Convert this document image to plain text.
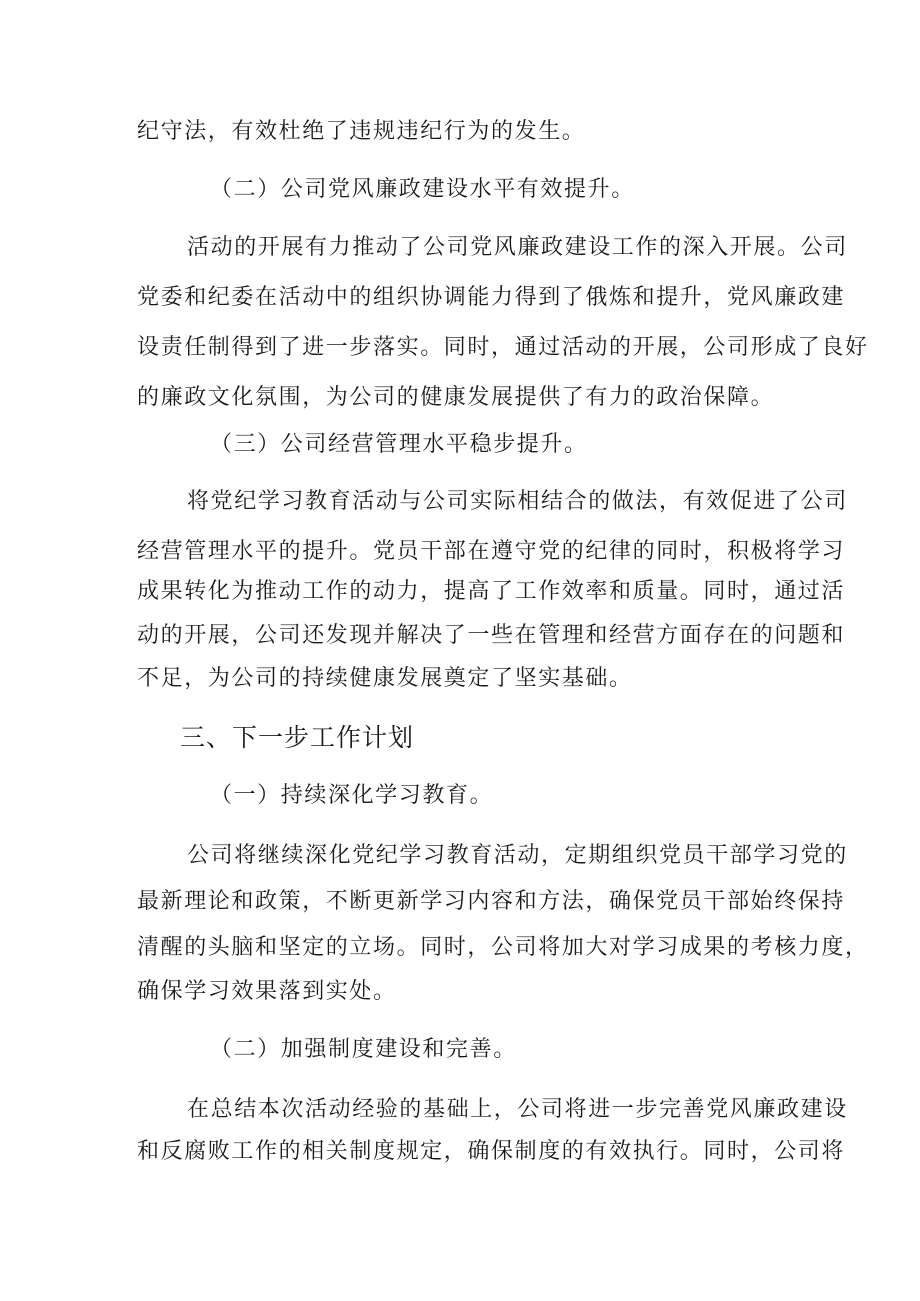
纪守法，有效杜绝了违规违纪行为的发生。
（二）公司党风廉政建设水平有效提升。
活动的开展有力推动了公司党风廉政建设工作的深入开展。公司
党委和纪委在活动中的组织协调能力得到了俄炼和提升，党风廉政建
设责任制得到了进一步落实。同时，通过活动的开展，公司形成了良好
的廉政文化氛围，为公司的健康发展提供了有力的政治保障。
（三）公司经营管理水平稳步提升。
将党纪学习教育活动与公司实际相结合的做法，有效促进了公司
经营管理水平的提升。党员干部在遵守党的纪律的同时，积极将学习
成果转化为推动工作的动力，提高了工作效率和质量。同时，通过活
动的开展，公司还发现并解决了一些在管理和经营方面存在的问题和
不足，为公司的持续健康发展奠定了坚实基础。
三、下一步工作计划
（一）持续深化学习教育。
公司将继续深化党纪学习教育活动，定期组织党员干部学习党的
最新理论和政策，不断更新学习内容和方法，确保党员干部始终保持
清醒的头脑和坚定的立场。同时，公司将加大对学习成果的考核力度，
确保学习效果落到实处。
（二）加强制度建设和完善。
在总结本次活动经验的基础上，公司将进一步完善党风廉政建设
和反腐败工作的相关制度规定，确保制度的有效执行。同时，公司将
